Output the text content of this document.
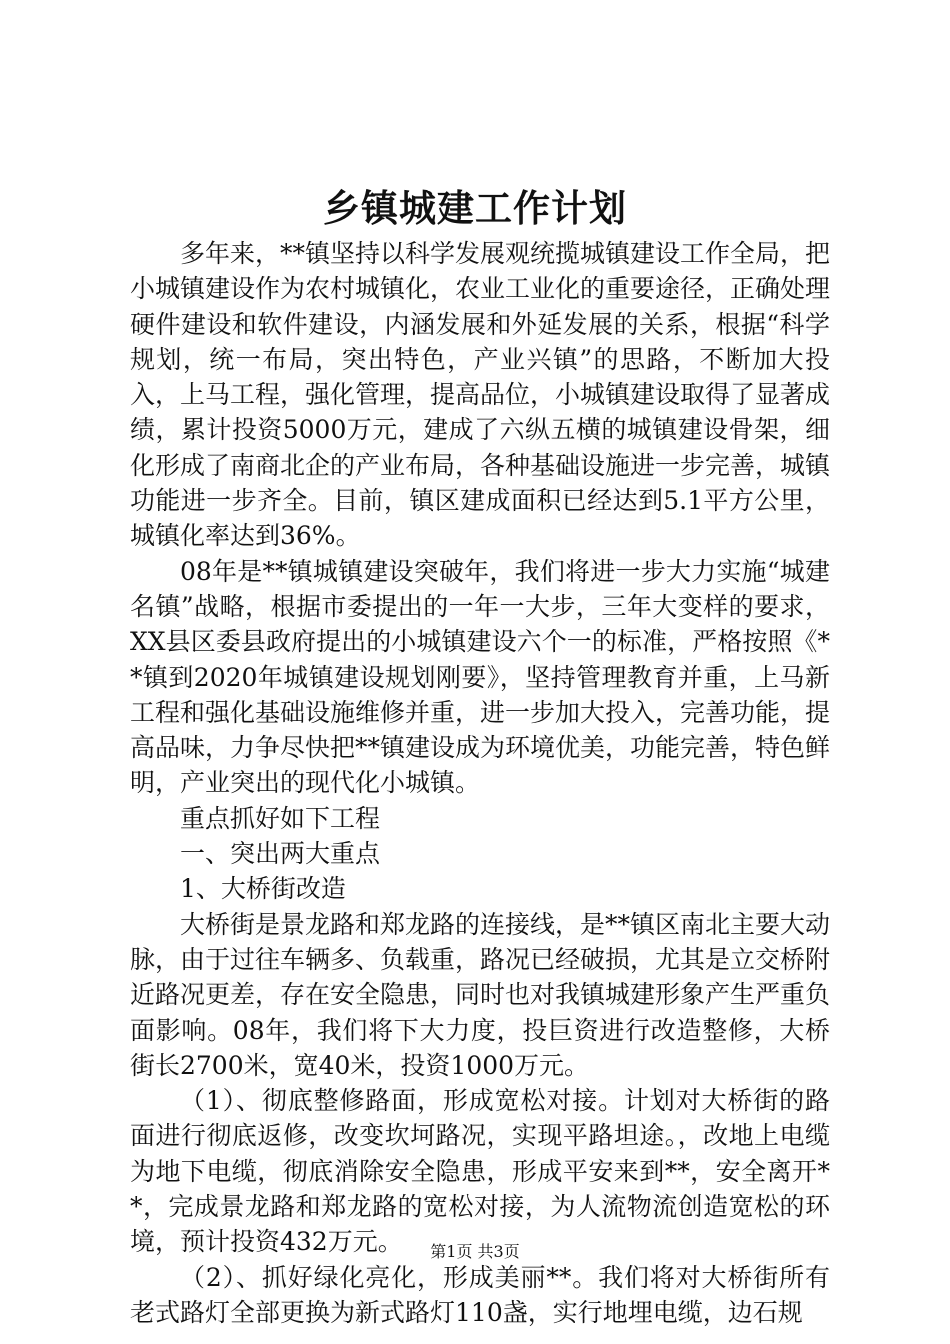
乡镇城建工作计划

多年来，**镇坚持以科学发展观统揽城镇建设工作全局，把小城镇建设作为农村城镇化，农业工业化的重要途径，正确处理硬件建设和软件建设，内涵发展和外延发展的关系，根据“科学规划，统一布局，突出特色，产业兴镇”的思路，不断加大投入，上马工程，强化管理，提高品位，小城镇建设取得了显著成绩，累计投资5000万元，建成了六纵五横的城镇建设骨架，细化形成了南商北企的产业布局，各种基础设施进一步完善，城镇功能进一步齐全。目前，镇区建成面积已经达到5.1平方公里，城镇化率达到36%。

08年是**镇城镇建设突破年，我们将进一步大力实施“城建名镇”战略，根据市委提出的一年一大步，三年大变样的要求，XX县区委县政府提出的小城镇建设六个一的标准，严格按照《**镇到2020年城镇建设规划刚要》，坚持管理教育并重，上马新工程和强化基础设施维修并重，进一步加大投入，完善功能，提高品味，力争尽快把**镇建设成为环境优美，功能完善，特色鲜明，产业突出的现代化小城镇。

重点抓好如下工程

一、突出两大重点

1、大桥街改造

大桥街是景龙路和郑龙路的连接线，是**镇区南北主要大动脉，由于过往车辆多、负载重，路况已经破损，尤其是立交桥附近路况更差，存在安全隐患，同时也对我镇城建形象产生严重负面影响。08年，我们将下大力度，投巨资进行改造整修，大桥街长2700米，宽40米，投资1000万元。

（1）、彻底整修路面，形成宽松对接。计划对大桥街的路面进行彻底返修，改变坎坷路况，实现平路坦途。，改地上电缆为地下电缆，彻底消除安全隐患，形成平安来到**，安全离开**，完成景龙路和郑龙路的宽松对接，为人流物流创造宽松的环境，预计投资432万元。

（2）、抓好绿化亮化，形成美丽**。我们将对大桥街所有老式路灯全部更换为新式路灯110盏，实行地埋电缆，边石规

第1页 共3页
